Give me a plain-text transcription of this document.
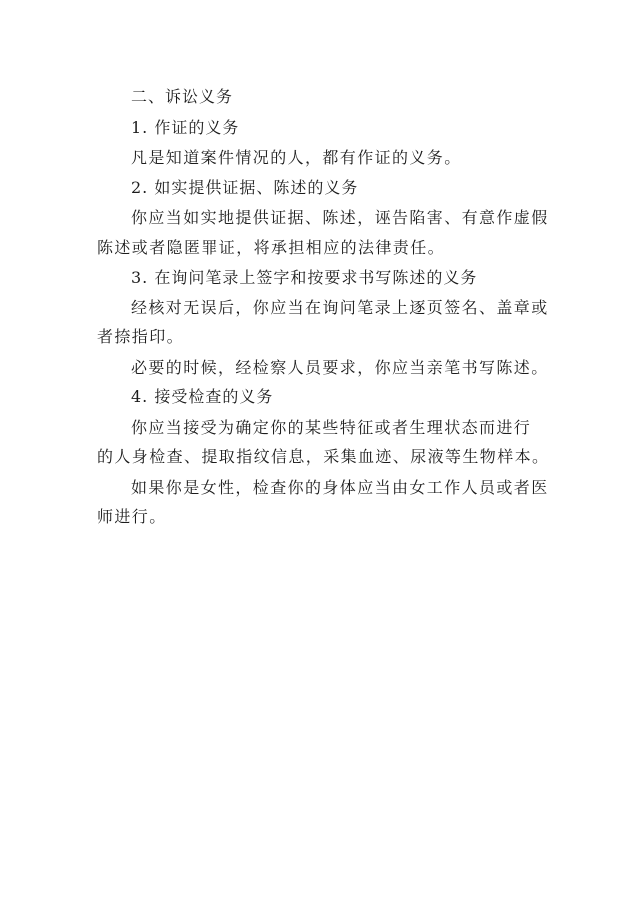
二、诉讼义务
1. 作证的义务
凡是知道案件情况的人，都有作证的义务。
2. 如实提供证据、陈述的义务
你应当如实地提供证据、陈述，诬告陷害、有意作虚假
陈述或者隐匿罪证，将承担相应的法律责任。
3. 在询问笔录上签字和按要求书写陈述的义务
经核对无误后，你应当在询问笔录上逐页签名、盖章或
者捺指印。
必要的时候，经检察人员要求，你应当亲笔书写陈述。
4. 接受检查的义务
你应当接受为确定你的某些特征或者生理状态而进行
的人身检查、提取指纹信息，采集血迹、尿液等生物样本。
如果你是女性，检查你的身体应当由女工作人员或者医
师进行。
